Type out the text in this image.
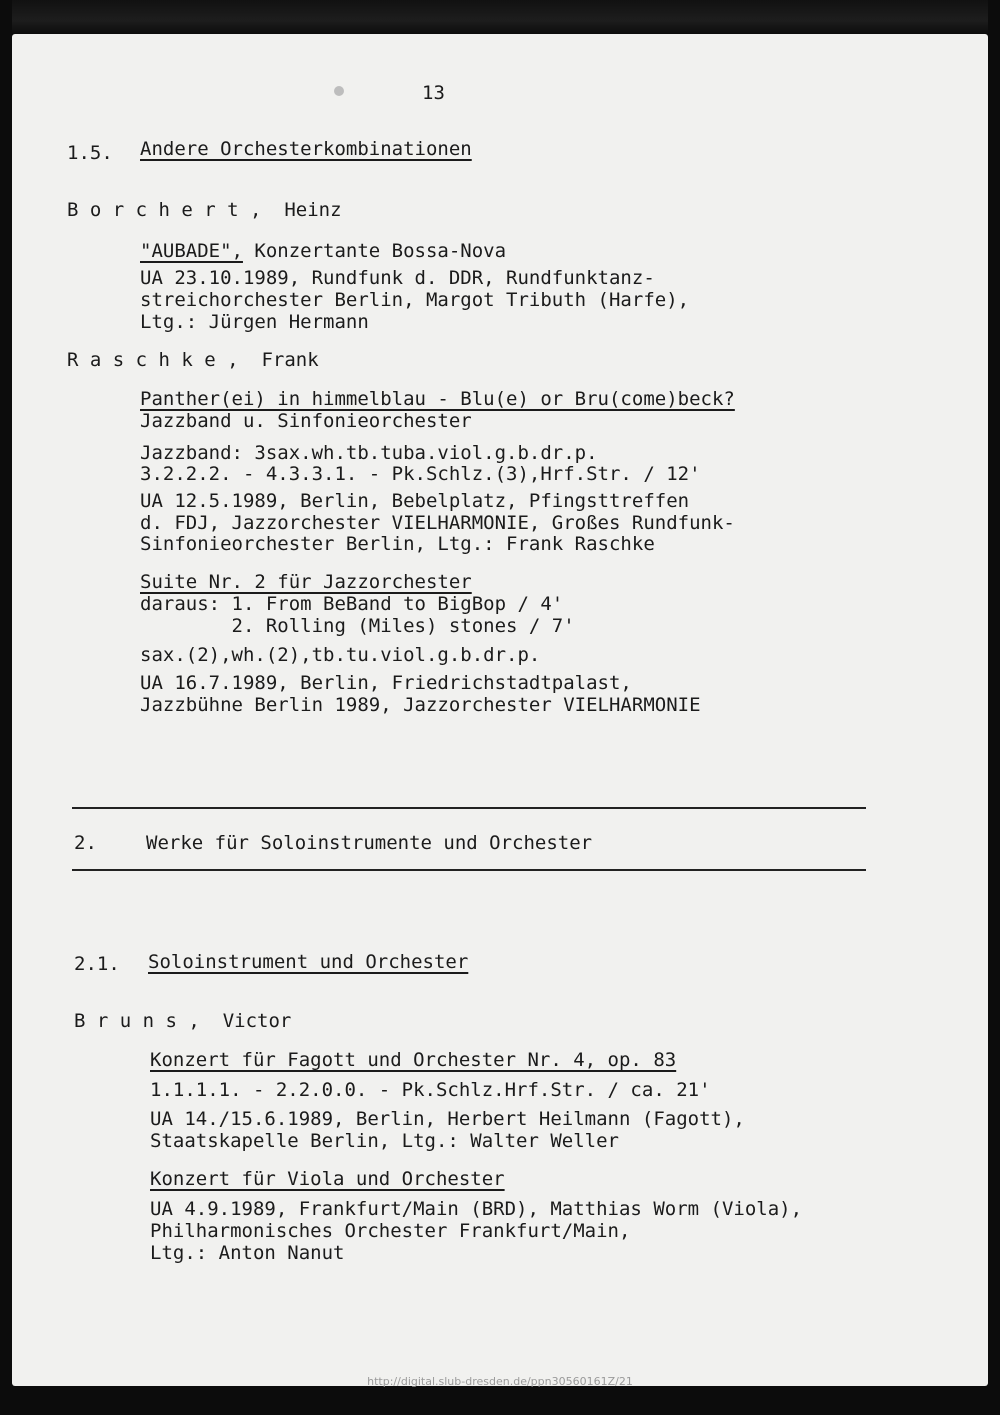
13
1.5. Andere Orchesterkombinationen
B o r c h e r t ,  Heinz
"AUBADE", Konzertante Bossa-Nova
UA 23.10.1989, Rundfunk d. DDR, Rundfunktanz-
streichorchester Berlin, Margot Tributh (Harfe),
Ltg.: Jürgen Hermann
R a s c h k e ,  Frank
Panther(ei) in himmelblau - Blu(e) or Bru(come)beck?
Jazzband u. Sinfonieorchester
Jazzband: 3sax.wh.tb.tuba.viol.g.b.dr.p.
3.2.2.2. - 4.3.3.1. - Pk.Schlz.(3),Hrf.Str. / 12'
UA 12.5.1989, Berlin, Bebelplatz, Pfingsttreffen
d. FDJ, Jazzorchester VIELHARMONIE, Großes Rundfunk-
Sinfonieorchester Berlin, Ltg.: Frank Raschke
Suite Nr. 2 für Jazzorchester
daraus: 1. From BeBand to BigBop / 4'
2. Rolling (Miles) stones / 7'
sax.(2),wh.(2),tb.tu.viol.g.b.dr.p.
UA 16.7.1989, Berlin, Friedrichstadtpalast,
Jazzbühne Berlin 1989, Jazzorchester VIELHARMONIE
2.	Werke für Soloinstrumente und Orchester
2.1. Soloinstrument und Orchester
B r u n s ,  Victor
Konzert für Fagott und Orchester Nr. 4, op. 83
1.1.1.1. - 2.2.0.0. - Pk.Schlz.Hrf.Str. / ca. 21'
UA 14./15.6.1989, Berlin, Herbert Heilmann (Fagott),
Staatskapelle Berlin, Ltg.: Walter Weller
Konzert für Viola und Orchester
UA 4.9.1989, Frankfurt/Main (BRD), Matthias Worm (Viola),
Philharmonisches Orchester Frankfurt/Main,
Ltg.: Anton Nanut
http://digital.slub-dresden.de/ppn30560161Z/21
